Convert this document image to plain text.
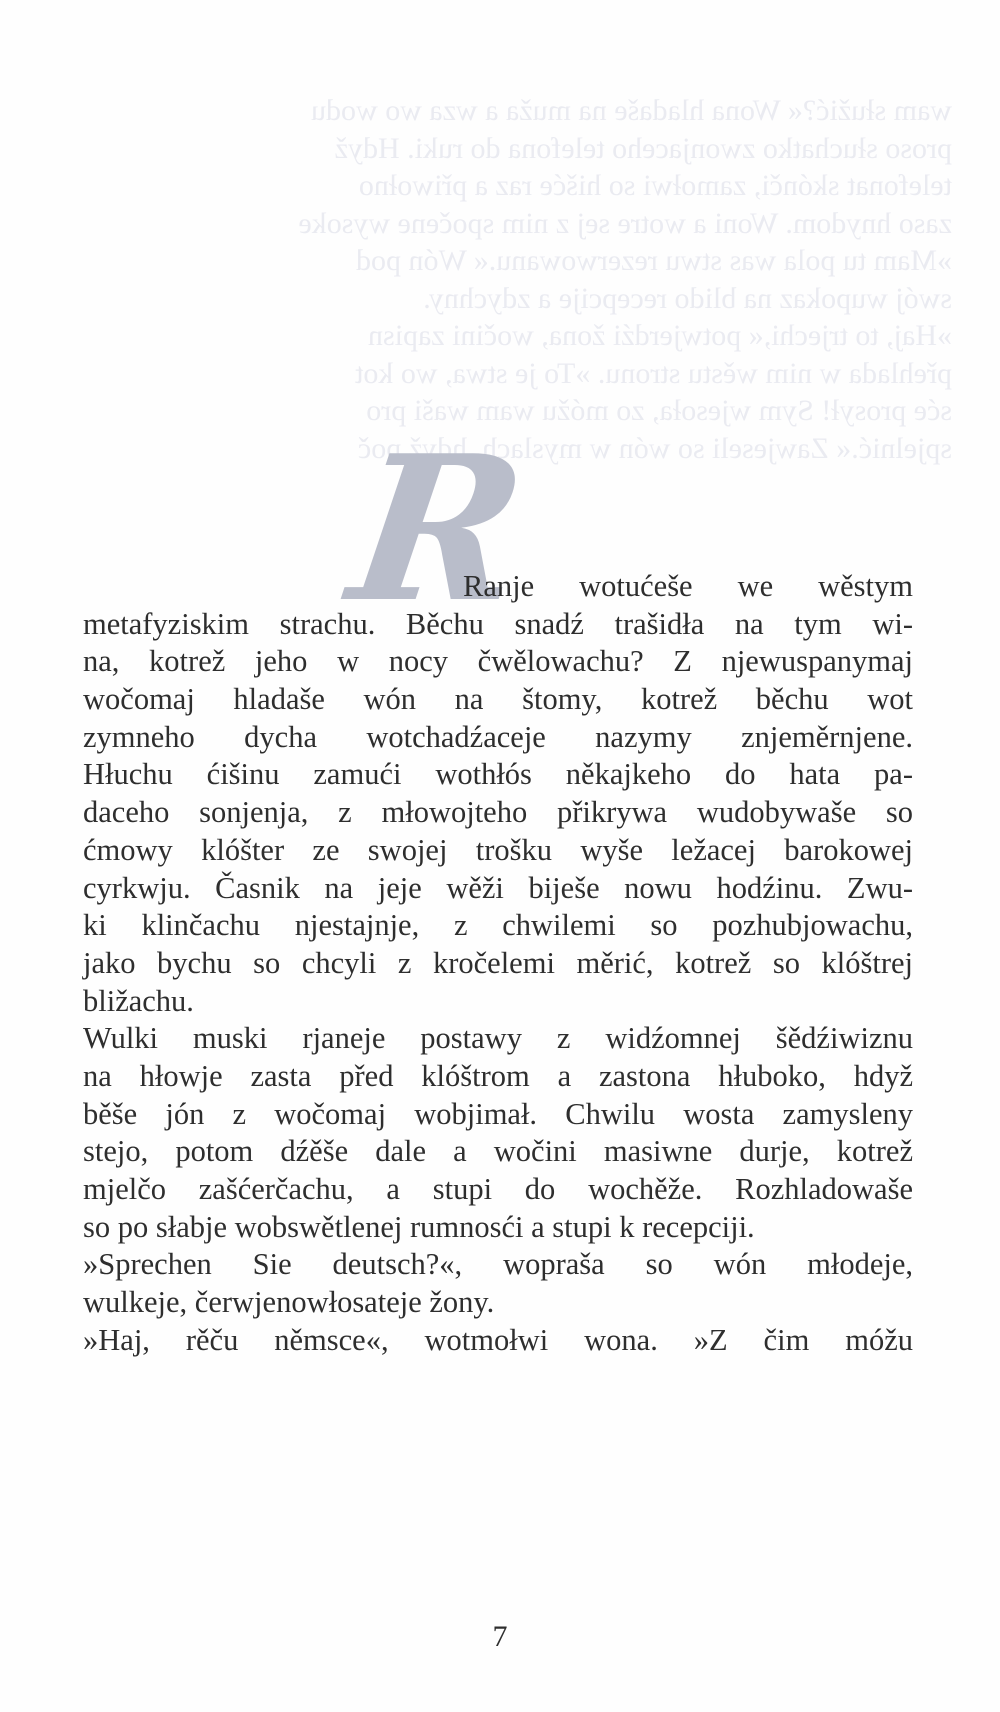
wam słužić?« Wona hladaše na muža a wza wo wodu
proso słuchatko zwonjaceho telefona do ruki. Hdyž
telefonat skónči, zamołwi so hišće raz a přiwołno
zaso hnydom. Woni a wotre sej z nim spočene wysoke
»Mam tu pola was stwu rezerwowanu.« Wón pod
swój wupokaz na blido recepcije a zdychny.
»Haj, to trjechi,« potwjerdźi žona, wočini zapisn
přehlada w nim wěstu stronu. »To je stwa, wo kot
sće prosył! Sym wjesoła, zo móžu wam waši pro
spjelnić.« Zawjeseli so wón w myslach, hdyž poč
R
Ranje wotućeše we wěstym
metafyziskim strachu. Běchu snadź trašidła na tym wi-
na, kotrež jeho w nocy čwělowachu? Z njewuspanymaj
wočomaj hladaše wón na štomy, kotrež běchu wot
zymneho dycha wotchadźaceje nazymy znjeměrnjene.
Hłuchu ćišinu zamući wothłós někajkeho do hata pa-
daceho sonjenja, z młowojteho přikrywa wudobywaše so
ćmowy klóšter ze swojej trošku wyše ležacej barokowej
cyrkwju. Časnik na jeje wěži biješe nowu hodźinu. Zwu-
ki klinčachu njestajnje, z chwilemi so pozhubjowachu,
jako bychu so chcyli z kročelemi měrić, kotrež so klóštrej
bližachu.
Wulki muski rjaneje postawy z widźomnej šědźiwiznu
na hłowje zasta před klóštrom a zastona hłuboko, hdyž
běše jón z wočomaj wobjimał. Chwilu wosta zamysleny
stejo, potom dźěše dale a wočini masiwne durje, kotrež
mjelčo zašćerčachu, a stupi do wochěže. Rozhladowaše
so po słabje wobswětlenej rumnosći a stupi k recepciji.
»Sprechen Sie deutsch?«, wopraša so wón młodeje,
wulkeje, čerwjenowłosateje žony.
»Haj, rěču němsce«, wotmołwi wona. »Z čim móžu
7
